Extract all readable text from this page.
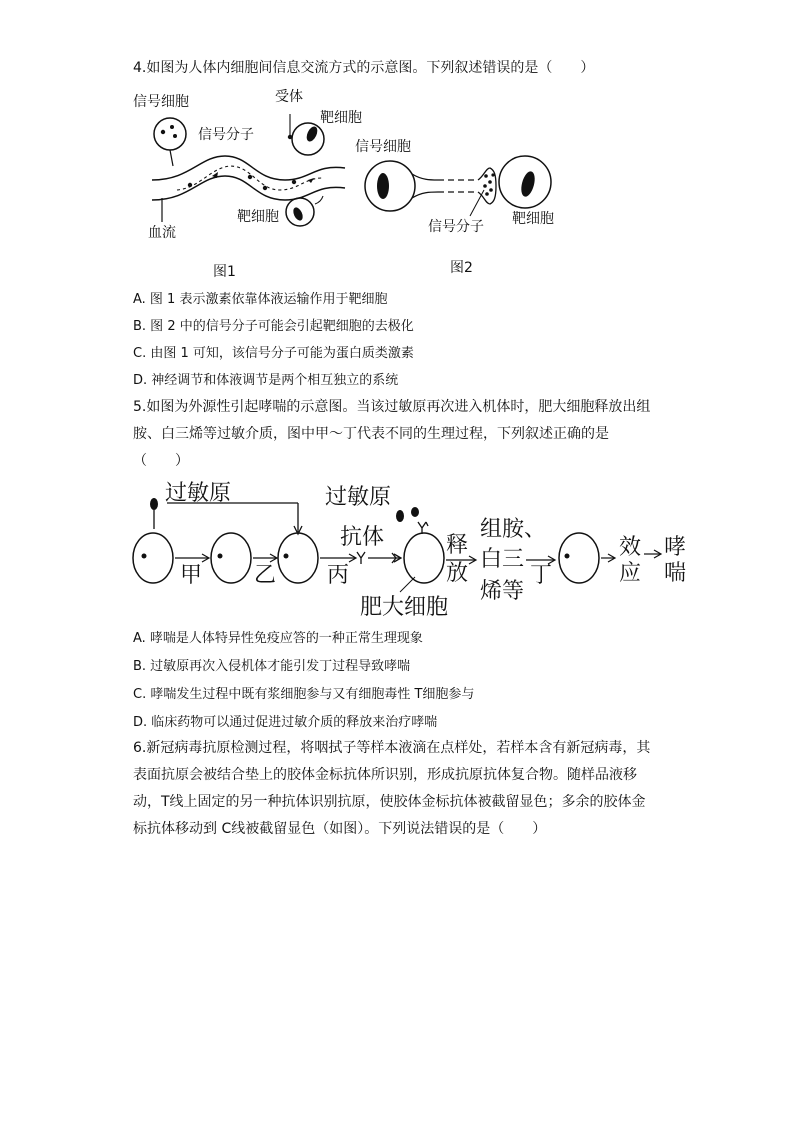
4.如图为人体内细胞间信息交流方式的示意图。下列叙述错误的是（　　）
信号细胞	受体
靶细胞
信号分子
靶细胞
血流
图1
信号细胞
信号分子 靶细胞
图2
A. 图 1 表示激素依靠体液运输作用于靶细胞
B. 图 2 中的信号分子可能会引起靶细胞的去极化
C. 由图 1 可知，该信号分子可能为蛋白质类激素
D. 神经调节和体液调节是两个相互独立的系统
5.如图为外源性引起哮喘的示意图。当该过敏原再次进入机体时，肥大细胞释放出组
胺、白三烯等过敏介质，图中甲～丁代表不同的生理过程，下列叙述正确的是
（　　）
过敏原
甲 乙 丙
抗体
过敏原
肥大细胞
释
放
组胺、
白三
烯等
丁
效
应
哮
喘
A. 哮喘是人体特异性免疫应答的一种正常生理现象
B. 过敏原再次入侵机体才能引发丁过程导致哮喘
C. 哮喘发生过程中既有浆细胞参与又有细胞毒性 T细胞参与
D. 临床药物可以通过促进过敏介质的释放来治疗哮喘
6.新冠病毒抗原检测过程，将咽拭子等样本液滴在点样处，若样本含有新冠病毒，其
表面抗原会被结合垫上的胶体金标抗体所识别，形成抗原抗体复合物。随样品液移
动，T线上固定的另一种抗体识别抗原，使胶体金标抗体被截留显色；多余的胶体金
标抗体移动到 C线被截留显色（如图）。下列说法错误的是（　　）
